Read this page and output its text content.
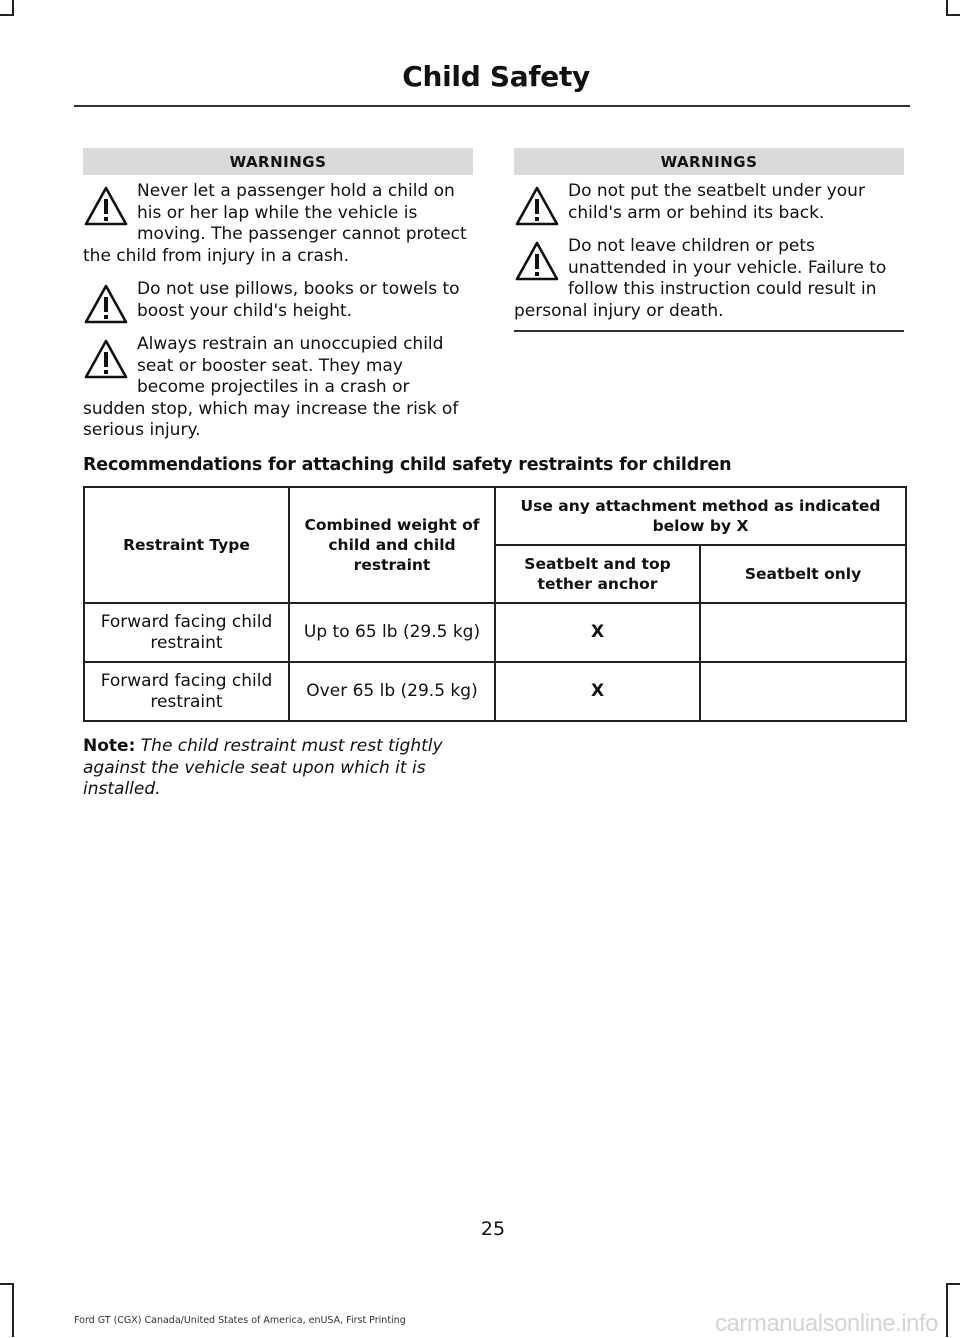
Child Safety
WARNINGS
Never let a passenger hold a child on his or her lap while the vehicle is moving. The passenger cannot protect the child from injury in a crash.
Do not use pillows, books or towels to boost your child's height.
Always restrain an unoccupied child seat or booster seat. They may become projectiles in a crash or sudden stop, which may increase the risk of serious injury.
WARNINGS
Do not put the seatbelt under your child's arm or behind its back.
Do not leave children or pets unattended in your vehicle. Failure to follow this instruction could result in personal injury or death.
Recommendations for attaching child safety restraints for children
Restraint Type	Combined weight of child and child restraint	Use any attachment method as indicated below by X	
		Seatbelt and top tether anchor	Seatbelt only
Forward facing child restraint	Up to 65 lb (29.5 kg)	X	
Forward facing child restraint	Over 65 lb (29.5 kg)	X	
Note: The child restraint must rest tightly against the vehicle seat upon which it is installed.
25
Ford GT (CGX) Canada/United States of America, enUSA, First Printing	carmanualsonline.info
